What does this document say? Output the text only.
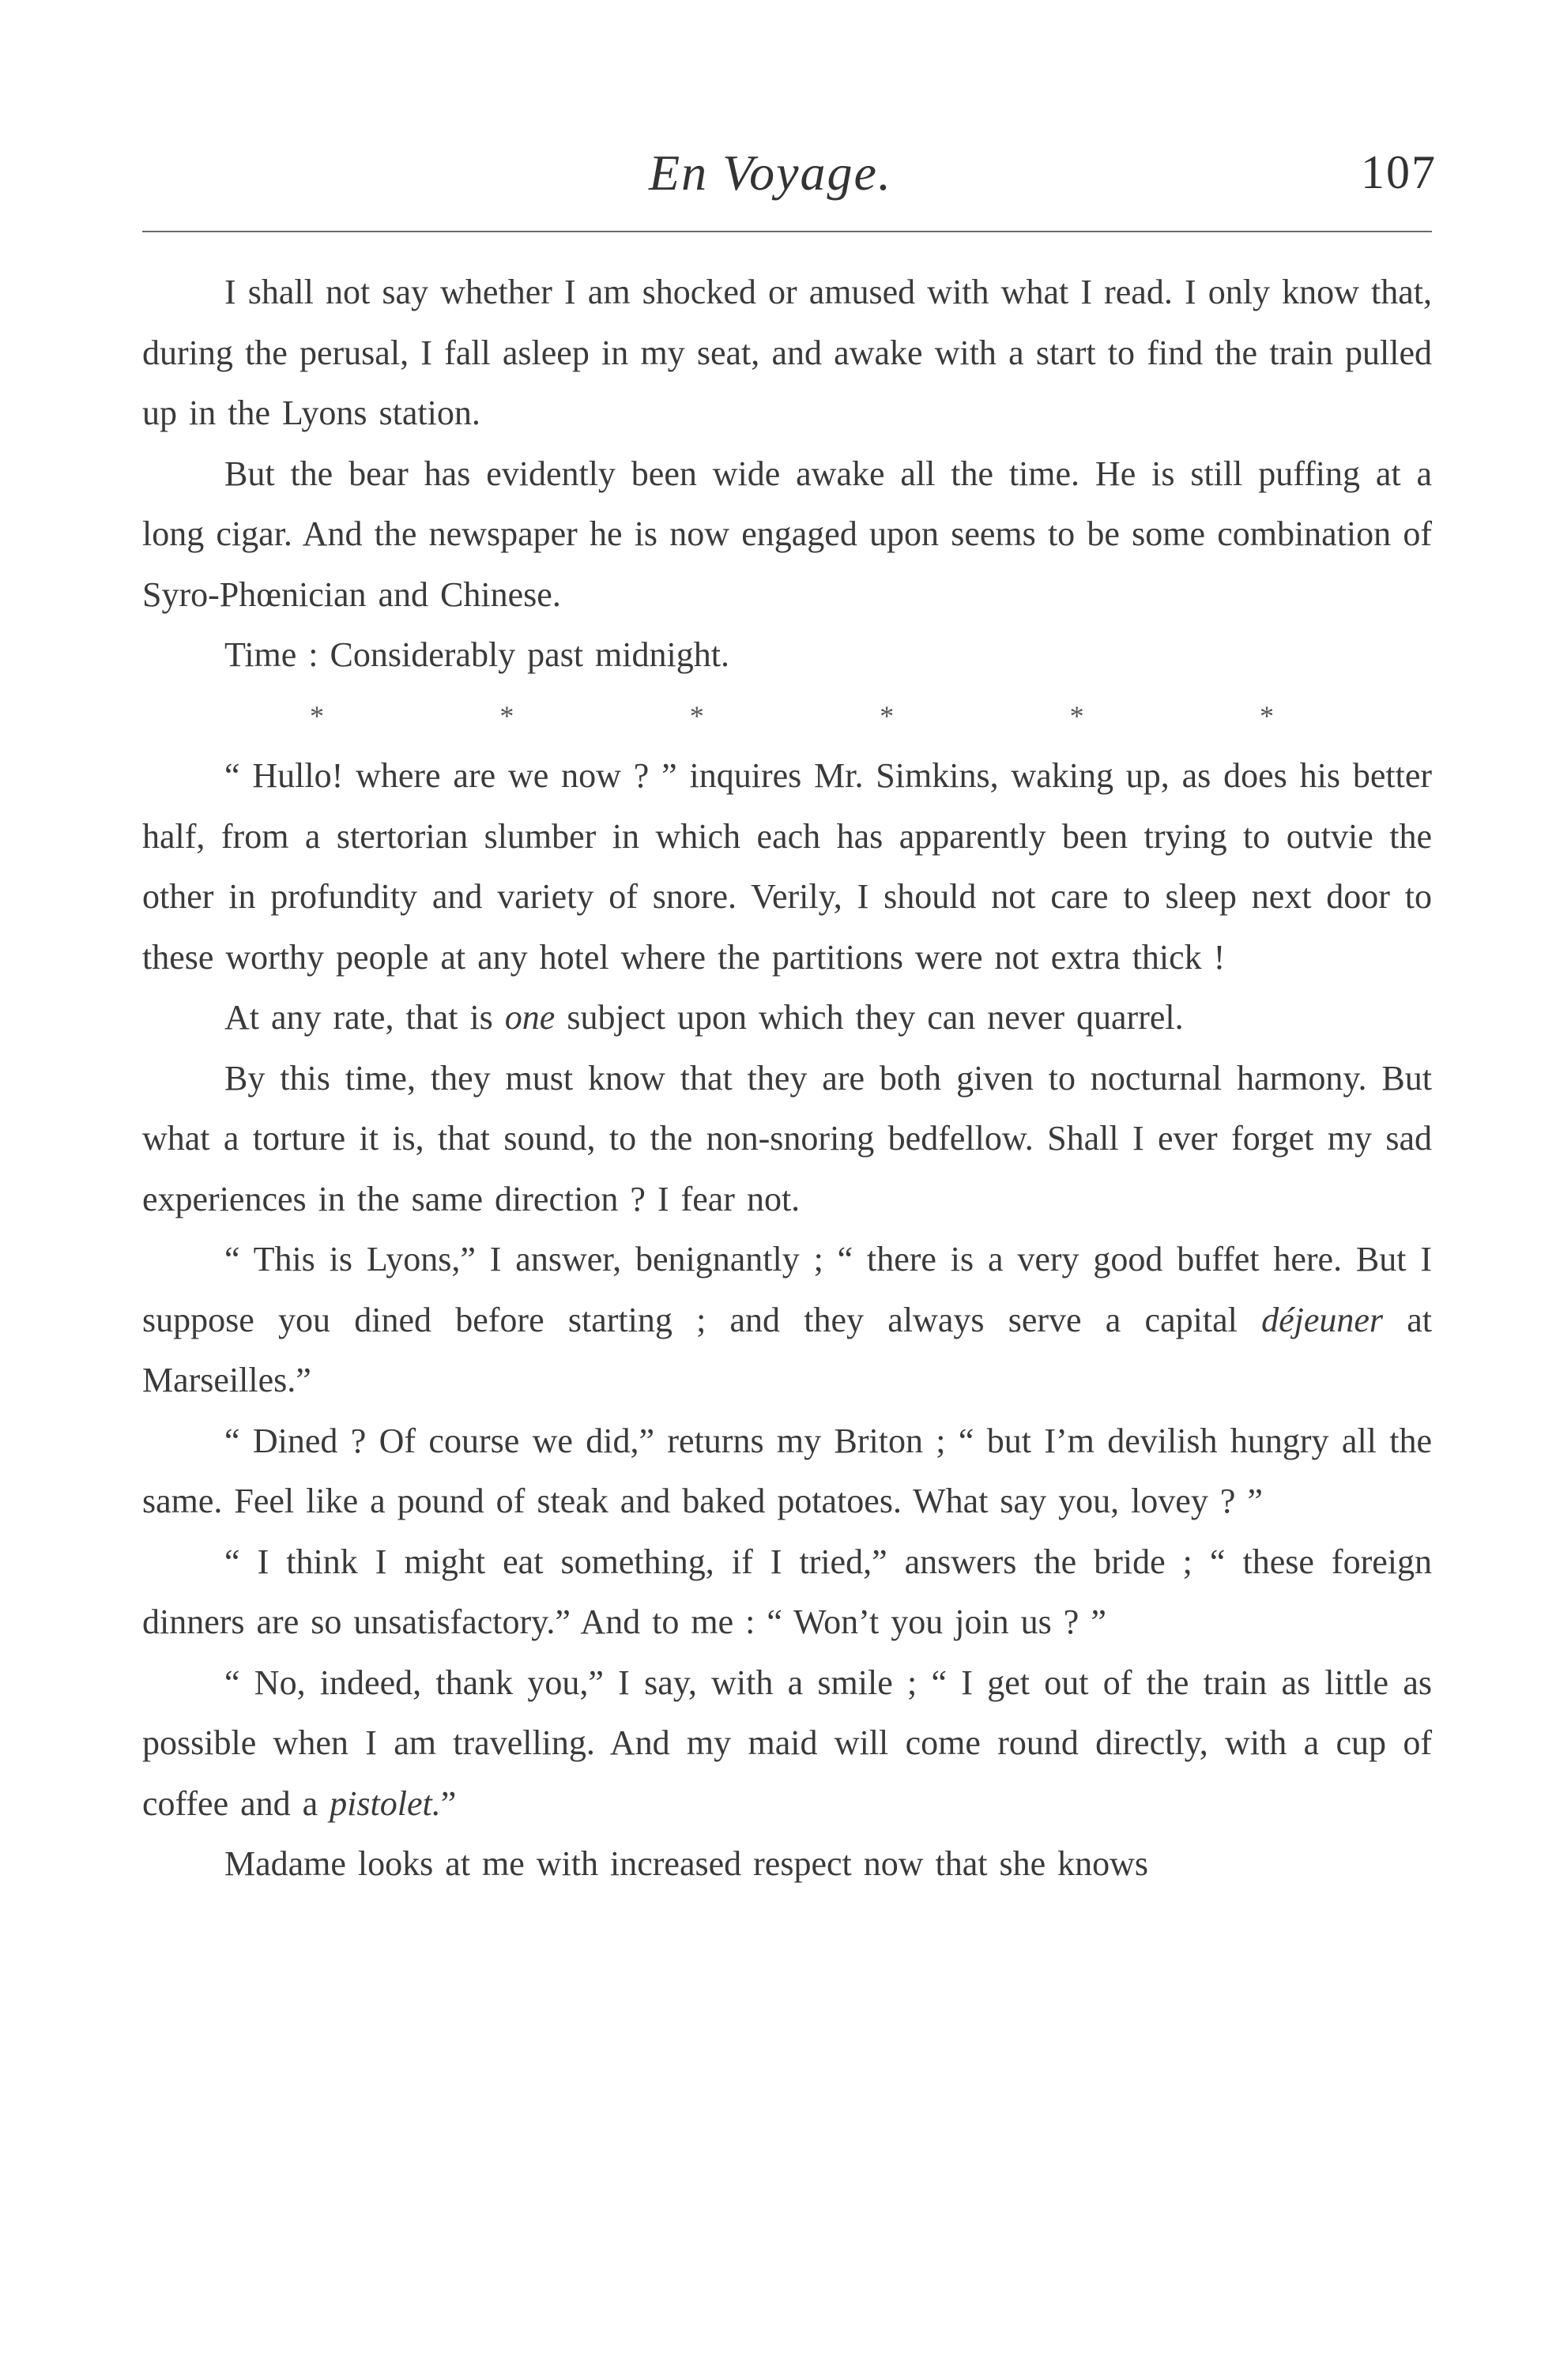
En Voyage.	107

I shall not say whether I am shocked or amused with what I read. I only know that, during the perusal, I fall asleep in my seat, and awake with a start to find the train pulled up in the Lyons station.

But the bear has evidently been wide awake all the time. He is still puffing at a long cigar. And the newspaper he is now engaged upon seems to be some combination of Syro-Phœnician and Chinese.

Time : Considerably past midnight.

*	*	*	*	*	*

“ Hullo! where are we now ? ” inquires Mr. Simkins, waking up, as does his better half, from a stertorian slumber in which each has apparently been trying to outvie the other in profundity and variety of snore. Verily, I should not care to sleep next door to these worthy people at any hotel where the partitions were not extra thick !

At any rate, that is one subject upon which they can never quarrel.

By this time, they must know that they are both given to nocturnal harmony. But what a torture it is, that sound, to the non-snoring bedfellow. Shall I ever forget my sad experiences in the same direction ? I fear not.

“ This is Lyons,” I answer, benignantly ; “ there is a very good buffet here. But I suppose you dined before starting ; and they always serve a capital déjeuner at Marseilles.”

“ Dined ? Of course we did,” returns my Briton ; “ but I’m devilish hungry all the same. Feel like a pound of steak and baked potatoes. What say you, lovey ? ”

“ I think I might eat something, if I tried,” answers the bride ; “ these foreign dinners are so unsatisfactory.” And to me : “ Won’t you join us ? ”

“ No, indeed, thank you,” I say, with a smile ; “ I get out of the train as little as possible when I am travelling. And my maid will come round directly, with a cup of coffee and a pistolet.”

Madame looks at me with increased respect now that she knows
